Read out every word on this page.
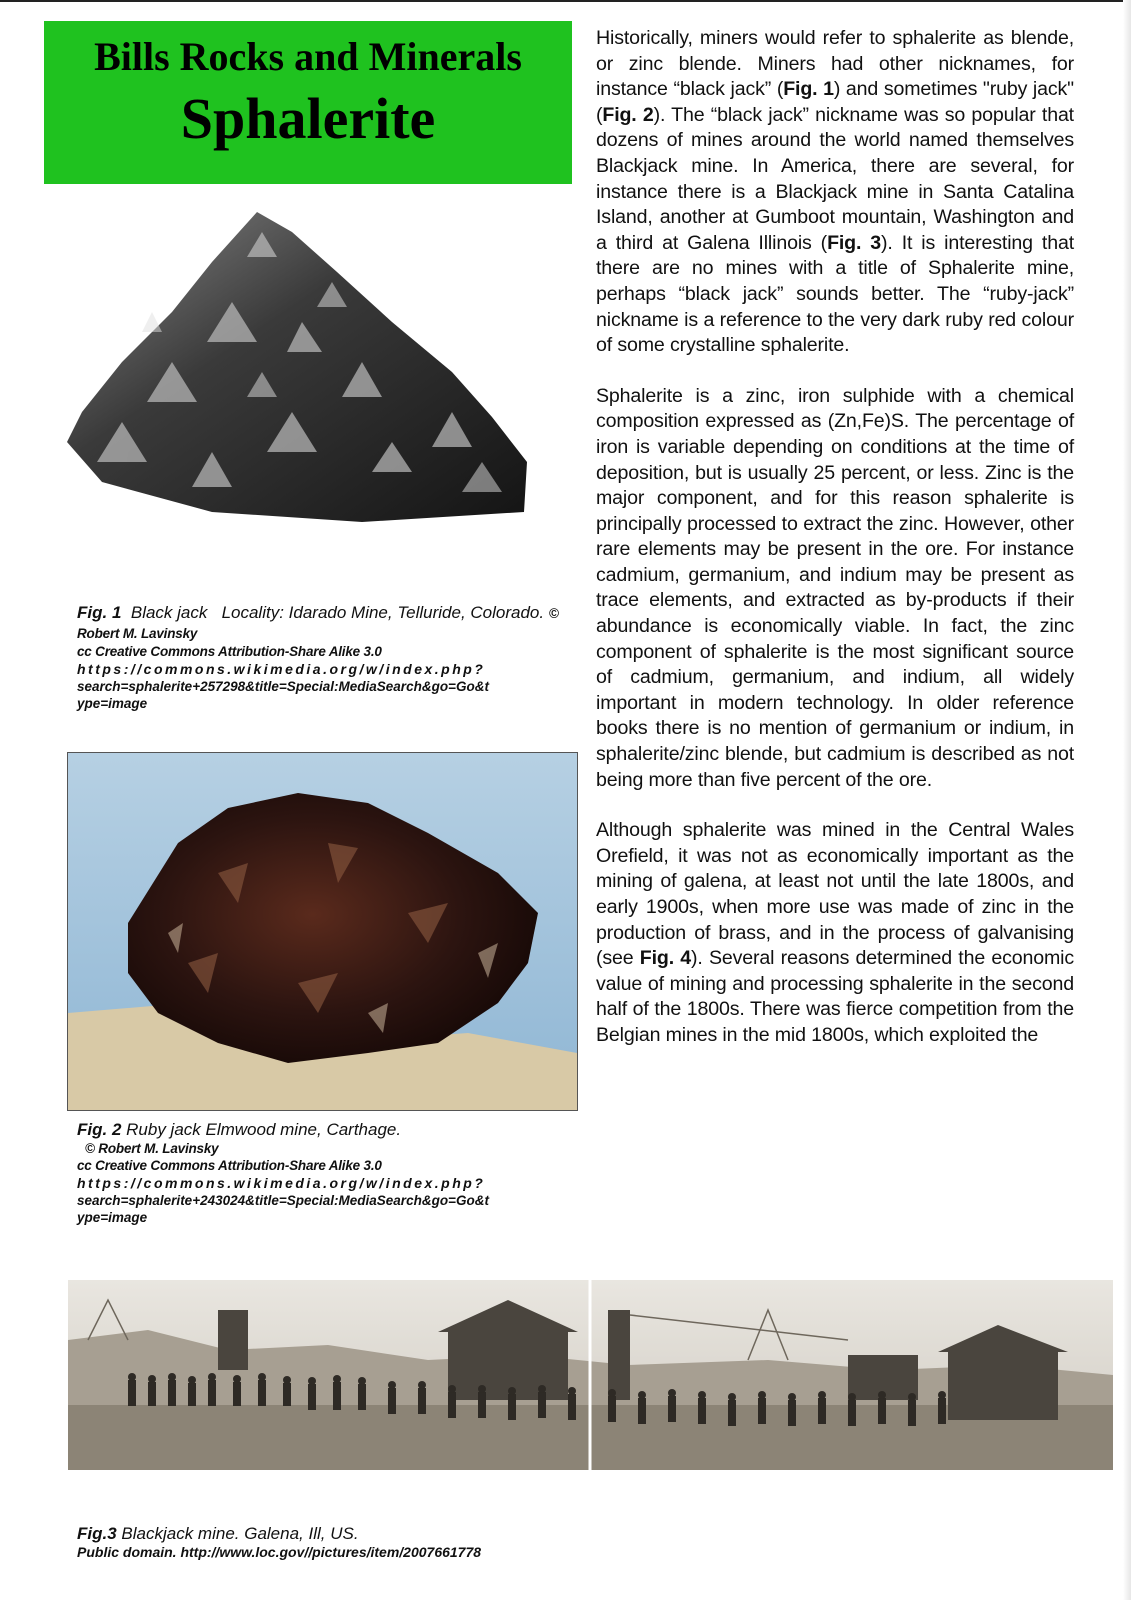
Bills Rocks and Minerals
Sphalerite
Fig. 1 Black jack Locality: Idarado Mine, Telluride, Colorado. © Robert M. Lavinsky
cc Creative Commons Attribution-Share Alike 3.0
https://commons.wikimedia.org/w/index.php?
search=sphalerite+257298&title=Special:MediaSearch&go=Go&t
ype=image
Fig. 2 Ruby jack Elmwood mine, Carthage.
© Robert M. Lavinsky
cc Creative Commons Attribution-Share Alike 3.0
https://commons.wikimedia.org/w/index.php?
search=sphalerite+243024&title=Special:MediaSearch&go=Go&t
ype=image

Historically, miners would refer to sphalerite as blende, or zinc blende. Miners had other nicknames, for instance “black jack” (Fig. 1) and sometimes "ruby jack" (Fig. 2). The “black jack” nickname was so popular that dozens of mines around the world named themselves Blackjack mine. In America, there are several, for instance there is a Blackjack mine in Santa Catalina Island, another at Gumboot mountain, Washington and a third at Galena Illinois (Fig. 3). It is interesting that there are no mines with a title of Sphalerite mine, perhaps “black jack” sounds better. The “ruby-jack” nickname is a reference to the very dark ruby red colour of some crystalline sphalerite.

Sphalerite is a zinc, iron sulphide with a chemical composition expressed as (Zn,Fe)S. The percentage of iron is variable depending on conditions at the time of deposition, but is usually 25 percent, or less. Zinc is the major component, and for this reason sphalerite is principally processed to extract the zinc. However, other rare elements may be present in the ore. For instance cadmium, germanium, and indium may be present as trace elements, and extracted as by-products if their abundance is economically viable. In fact, the zinc component of sphalerite is the most significant source of cadmium, germanium, and indium, all widely important in modern technology. In older reference books there is no mention of germanium or indium, in sphalerite/zinc blende, but cadmium is described as not being more than five percent of the ore.

Although sphalerite was mined in the Central Wales Orefield, it was not as economically important as the mining of galena, at least not until the late 1800s, and early 1900s, when more use was made of zinc in the production of brass, and in the process of galvanising (see Fig. 4). Several reasons determined the economic value of mining and processing sphalerite in the second half of the 1800s. There was fierce competition from the Belgian mines in the mid 1800s, which exploited the

Fig.3 Blackjack mine. Galena, Ill, US.
Public domain. http://www.loc.gov//pictures/item/2007661778
